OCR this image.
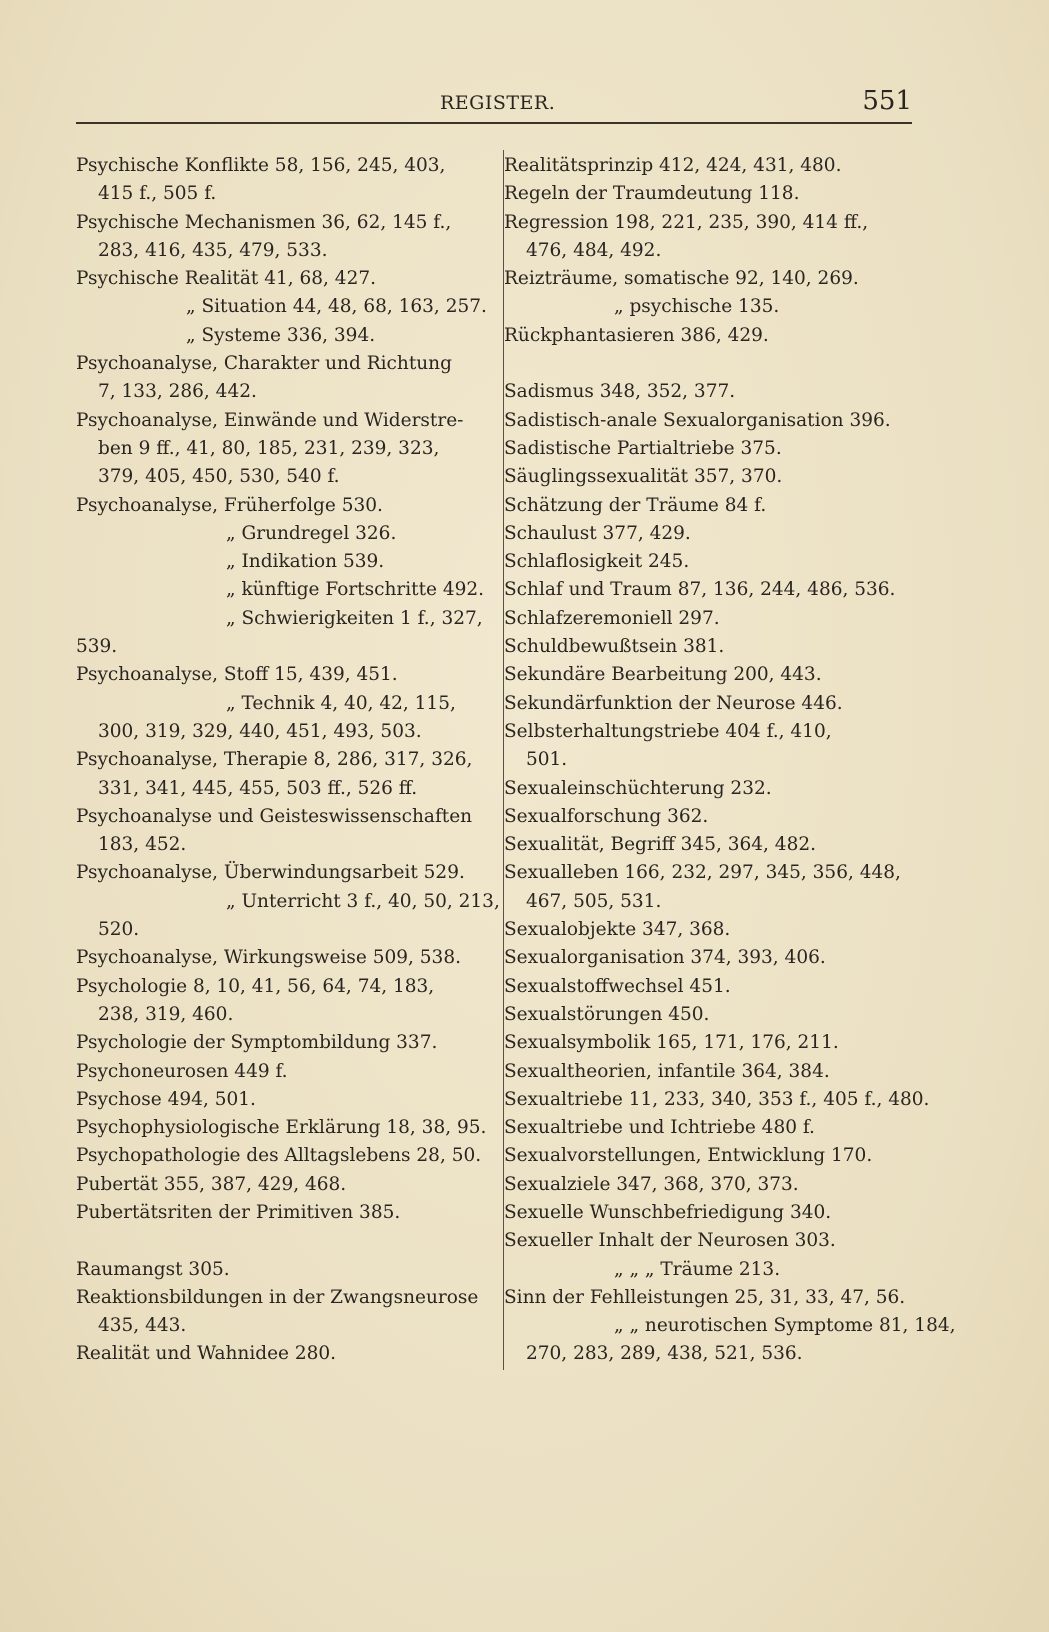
REGISTER.	551
Psychische Konflikte 58, 156, 245, 403,
415 f., 505 f.
Psychische Mechanismen 36, 62, 145 f.,
283, 416, 435, 479, 533.
Psychische Realität 41, 68, 427.
„ Situation 44, 48, 68, 163, 257.
„ Systeme 336, 394.
Psychoanalyse, Charakter und Richtung
7, 133, 286, 442.
Psychoanalyse, Einwände und Widerstre-
ben 9 ff., 41, 80, 185, 231, 239, 323,
379, 405, 450, 530, 540 f.
Psychoanalyse, Früherfolge 530.
„ Grundregel 326.
„ Indikation 539.
„ künftige Fortschritte 492.
„ Schwierigkeiten 1 f., 327,
539.
Psychoanalyse, Stoff 15, 439, 451.
„ Technik 4, 40, 42, 115,
300, 319, 329, 440, 451, 493, 503.
Psychoanalyse, Therapie 8, 286, 317, 326,
331, 341, 445, 455, 503 ff., 526 ff.
Psychoanalyse und Geisteswissenschaften
183, 452.
Psychoanalyse, Überwindungsarbeit 529.
„ Unterricht 3 f., 40, 50, 213,
520.
Psychoanalyse, Wirkungsweise 509, 538.
Psychologie 8, 10, 41, 56, 64, 74, 183,
238, 319, 460.
Psychologie der Symptombildung 337.
Psychoneurosen 449 f.
Psychose 494, 501.
Psychophysiologische Erklärung 18, 38, 95.
Psychopathologie des Alltagslebens 28, 50.
Pubertät 355, 387, 429, 468.
Pubertätsriten der Primitiven 385.
Raumangst 305.
Reaktionsbildungen in der Zwangsneurose
435, 443.
Realität und Wahnidee 280.
Realitätsprinzip 412, 424, 431, 480.
Regeln der Traumdeutung 118.
Regression 198, 221, 235, 390, 414 ff.,
476, 484, 492.
Reizträume, somatische 92, 140, 269.
„ psychische 135.
Rückphantasieren 386, 429.
Sadismus 348, 352, 377.
Sadistisch-anale Sexualorganisation 396.
Sadistische Partialtriebe 375.
Säuglingssexualität 357, 370.
Schätzung der Träume 84 f.
Schaulust 377, 429.
Schlaflosigkeit 245.
Schlaf und Traum 87, 136, 244, 486, 536.
Schlafzeremoniell 297.
Schuldbewußtsein 381.
Sekundäre Bearbeitung 200, 443.
Sekundärfunktion der Neurose 446.
Selbsterhaltungstriebe 404 f., 410,
501.
Sexualeinschüchterung 232.
Sexualforschung 362.
Sexualität, Begriff 345, 364, 482.
Sexualleben 166, 232, 297, 345, 356, 448,
467, 505, 531.
Sexualobjekte 347, 368.
Sexualorganisation 374, 393, 406.
Sexualstoffwechsel 451.
Sexualstörungen 450.
Sexualsymbolik 165, 171, 176, 211.
Sexualtheorien, infantile 364, 384.
Sexualtriebe 11, 233, 340, 353 f., 405 f., 480.
Sexualtriebe und Ichtriebe 480 f.
Sexualvorstellungen, Entwicklung 170.
Sexualziele 347, 368, 370, 373.
Sexuelle Wunschbefriedigung 340.
Sexueller Inhalt der Neurosen 303.
„ „ „ Träume 213.
Sinn der Fehlleistungen 25, 31, 33, 47, 56.
„ „ neurotischen Symptome 81, 184,
270, 283, 289, 438, 521, 536.
